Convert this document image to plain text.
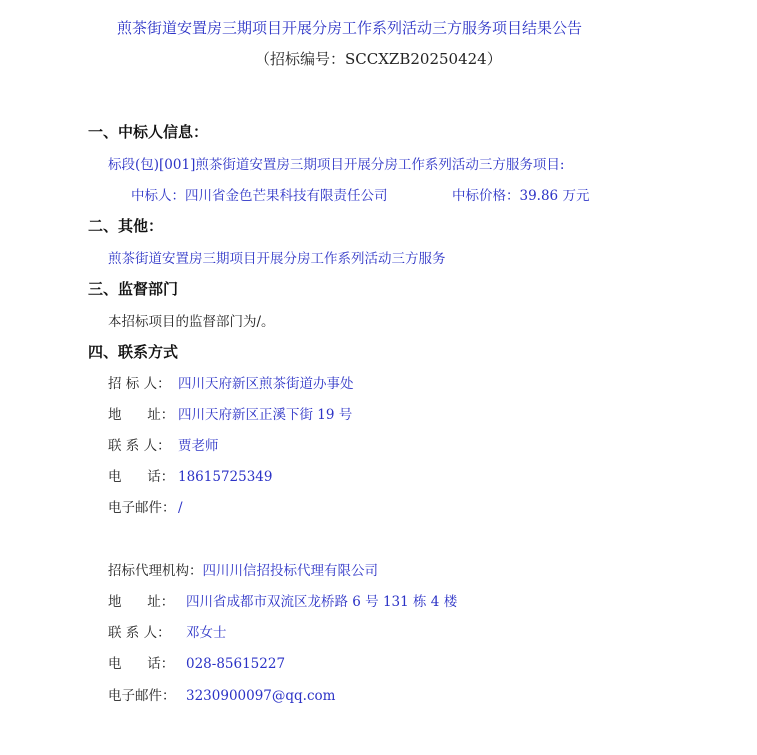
煎茶街道安置房三期项目开展分房工作系列活动三方服务项目结果公告
（招标编号：SCCXZB20250424）
一、中标人信息：
标段(包)[001]煎茶街道安置房三期项目开展分房工作系列活动三方服务项目:
中标人：四川省金色芒果科技有限责任公司	中标价格：39.86 万元
二、其他：
煎茶街道安置房三期项目开展分房工作系列活动三方服务
三、监督部门
本招标项目的监督部门为/。
四、联系方式
招 标 人： 四川天府新区煎茶街道办事处
地      址： 四川天府新区正溪下街 19 号
联 系 人： 贾老师
电      话： 18615725349
电子邮件： /
招标代理机构：四川川信招投标代理有限公司
地      址： 四川省成都市双流区龙桥路 6 号 131 栋 4 楼
联 系 人： 邓女士
电      话： 028-85615227
电子邮件： 3230900097@qq.com
